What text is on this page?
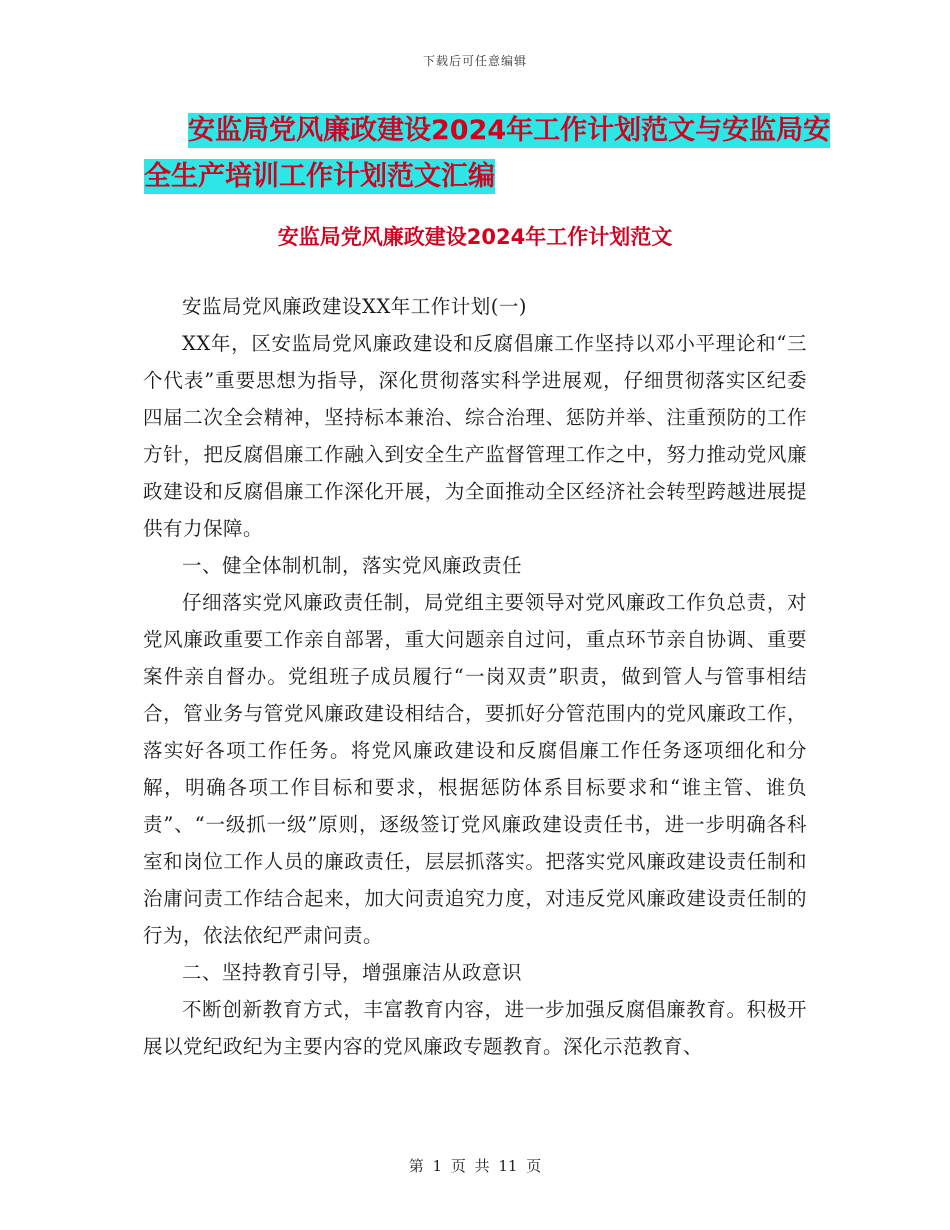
下载后可任意编辑
安监局党风廉政建设2024年工作计划范文与安监局安
全生产培训工作计划范文汇编
安监局党风廉政建设2024年工作计划范文

安监局党风廉政建设XX年工作计划(一)

XX年，区安监局党风廉政建设和反腐倡廉工作坚持以邓小平理论和“三个代表”重要思想为指导，深化贯彻落实科学进展观，仔细贯彻落实区纪委四届二次全会精神，坚持标本兼治、综合治理、惩防并举、注重预防的工作方针，把反腐倡廉工作融入到安全生产监督管理工作之中，努力推动党风廉政建设和反腐倡廉工作深化开展，为全面推动全区经济社会转型跨越进展提供有力保障。

一、健全体制机制，落实党风廉政责任

仔细落实党风廉政责任制，局党组主要领导对党风廉政工作负总责，对党风廉政重要工作亲自部署，重大问题亲自过问，重点环节亲自协调、重要案件亲自督办。党组班子成员履行“一岗双责”职责，做到管人与管事相结合，管业务与管党风廉政建设相结合，要抓好分管范围内的党风廉政工作，落实好各项工作任务。将党风廉政建设和反腐倡廉工作任务逐项细化和分解，明确各项工作目标和要求，根据惩防体系目标要求和“谁主管、谁负责”、“一级抓一级”原则，逐级签订党风廉政建设责任书，进一步明确各科室和岗位工作人员的廉政责任，层层抓落实。把落实党风廉政建设责任制和治庸问责工作结合起来，加大问责追究力度，对违反党风廉政建设责任制的行为，依法依纪严肃问责。

二、坚持教育引导，增强廉洁从政意识

不断创新教育方式，丰富教育内容，进一步加强反腐倡廉教育。积极开展以党纪政纪为主要内容的党风廉政专题教育。深化示范教育、

第 1 页 共 11 页
